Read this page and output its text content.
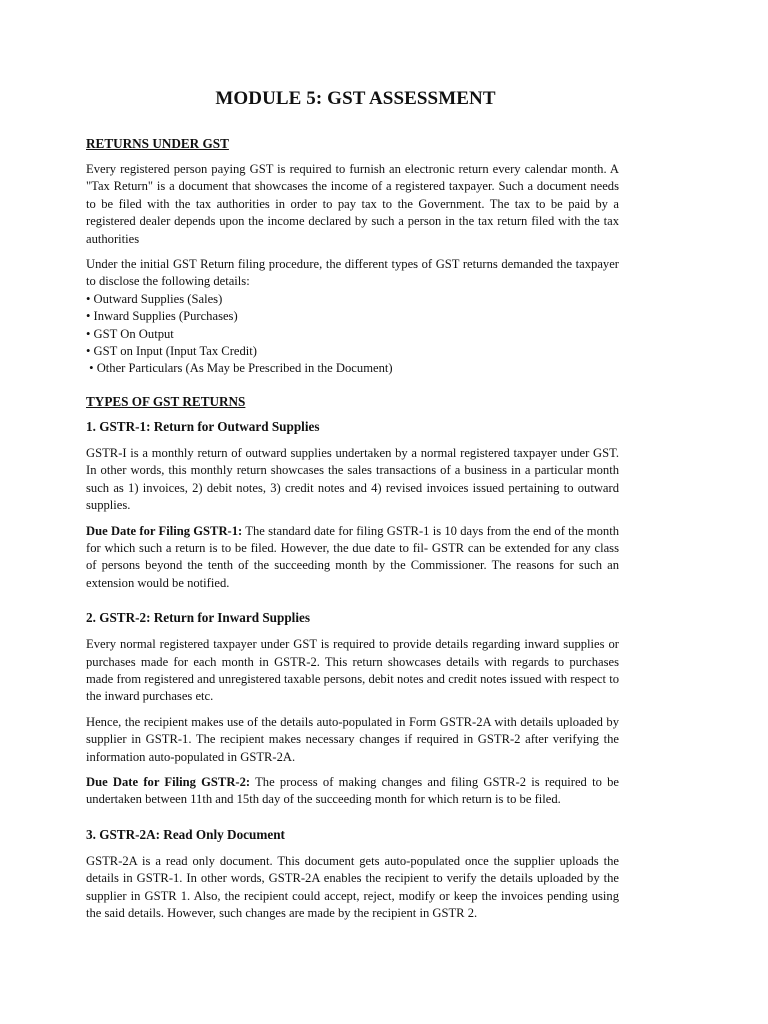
MODULE 5: GST ASSESSMENT
RETURNS UNDER GST

Every registered person paying GST is required to furnish an electronic return every calendar month. A "Tax Return" is a document that showcases the income of a registered taxpayer. Such a document needs to be filed with the tax authorities in order to pay tax to the Government. The tax to be paid by a registered dealer depends upon the income declared by such a person in the tax return filed with the tax authorities

Under the initial GST Return filing procedure, the different types of GST returns demanded the taxpayer to disclose the following details:

• Outward Supplies (Sales)
• Inward Supplies (Purchases)
• GST On Output
• GST on Input (Input Tax Credit)
• Other Particulars (As May be Prescribed in the Document)
TYPES OF GST RETURNS
1. GSTR-1: Return for Outward Supplies

GSTR-I is a monthly return of outward supplies undertaken by a normal registered taxpayer under GST. In other words, this monthly return showcases the sales transactions of a business in a particular month such as 1) invoices, 2) debit notes, 3) credit notes and 4) revised invoices issued pertaining to outward supplies.

Due Date for Filing GSTR-1: The standard date for filing GSTR-1 is 10 days from the end of the month for which such a return is to be filed. However, the due date to fil- GSTR can be extended for any class of persons beyond the tenth of the succeeding month by the Commissioner. The reasons for such an extension would be notified.

2. GSTR-2: Return for Inward Supplies

Every normal registered taxpayer under GST is required to provide details regarding inward supplies or purchases made for each month in GSTR-2. This return showcases details with regards to purchases made from registered and unregistered taxable persons, debit notes and credit notes issued with respect to the inward purchases etc.

Hence, the recipient makes use of the details auto-populated in Form GSTR-2A with details uploaded by supplier in GSTR-1. The recipient makes necessary changes if required in GSTR-2 after verifying the information auto-populated in GSTR-2A.

Due Date for Filing GSTR-2: The process of making changes and filing GSTR-2 is required to be undertaken between 11th and 15th day of the succeeding month for which return is to be filed.

3. GSTR-2A: Read Only Document

GSTR-2A is a read only document. This document gets auto-populated once the supplier uploads the details in GSTR-1. In other words, GSTR-2A enables the recipient to verify the details uploaded by the supplier in GSTR 1. Also, the recipient could accept, reject, modify or keep the invoices pending using the said details. However, such changes are made by the recipient in GSTR 2.
